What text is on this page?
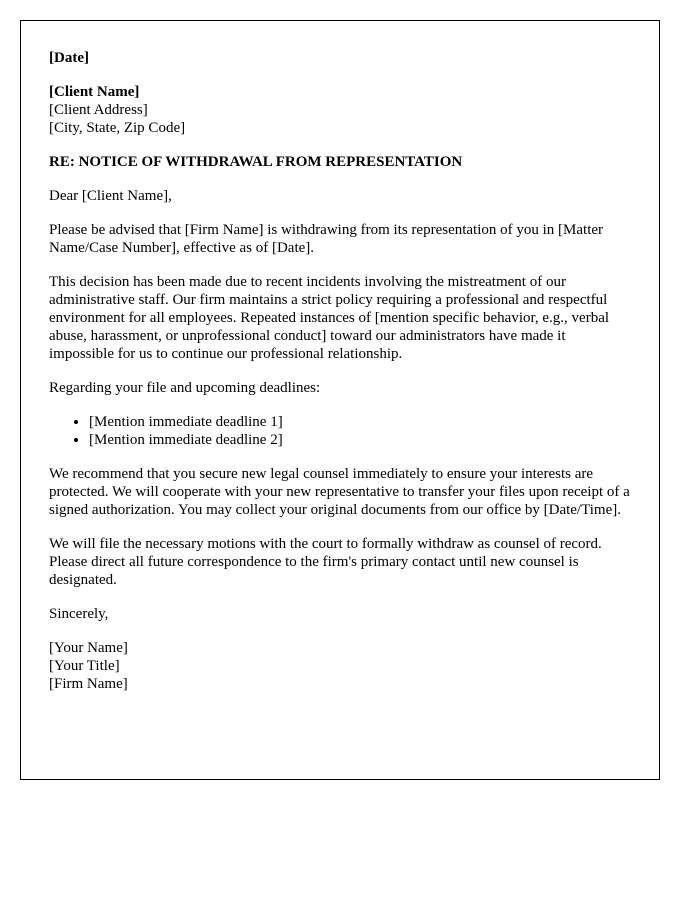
[Date]

[Client Name]
[Client Address]
[City, State, Zip Code]

RE: NOTICE OF WITHDRAWAL FROM REPRESENTATION

Dear [Client Name],

Please be advised that [Firm Name] is withdrawing from its representation of you in [Matter Name/Case Number], effective as of [Date].

This decision has been made due to recent incidents involving the mistreatment of our administrative staff. Our firm maintains a strict policy requiring a professional and respectful environment for all employees. Repeated instances of [mention specific behavior, e.g., verbal abuse, harassment, or unprofessional conduct] toward our administrators have made it impossible for us to continue our professional relationship.

Regarding your file and upcoming deadlines:

• [Mention immediate deadline 1]
• [Mention immediate deadline 2]

We recommend that you secure new legal counsel immediately to ensure your interests are protected. We will cooperate with your new representative to transfer your files upon receipt of a signed authorization. You may collect your original documents from our office by [Date/Time].

We will file the necessary motions with the court to formally withdraw as counsel of record. Please direct all future correspondence to the firm's primary contact until new counsel is designated.

Sincerely,

[Your Name]
[Your Title]
[Firm Name]
